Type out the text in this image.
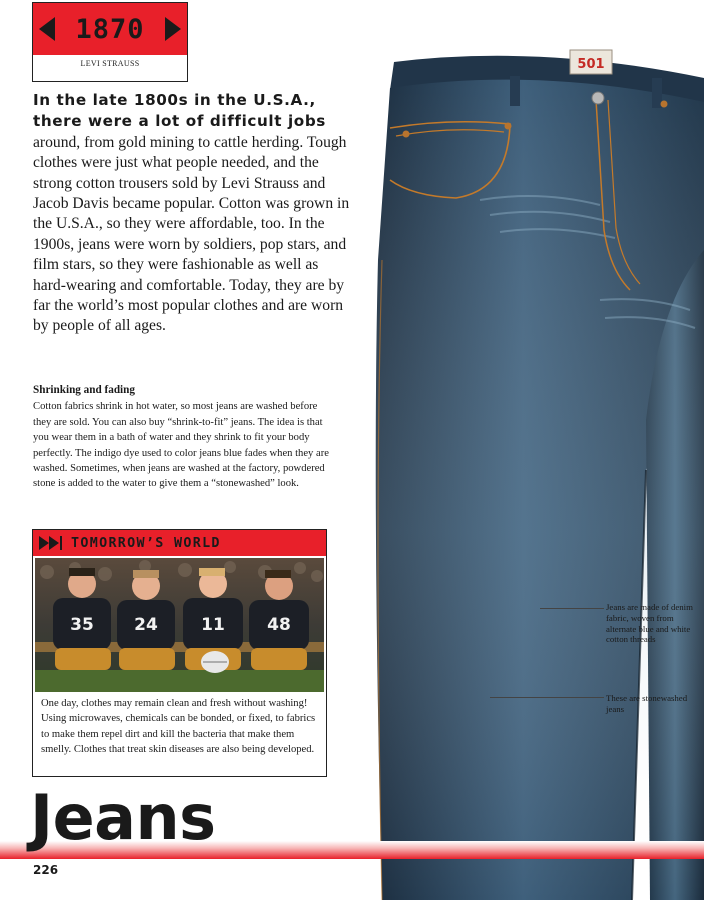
1870
LEVI STRAUSS
In the late 1800s in the U.S.A., there were a lot of difficult jobs around, from gold mining to cattle herding. Tough clothes were just what people needed, and the strong cotton trousers sold by Levi Strauss and Jacob Davis became popular. Cotton was grown in the U.S.A., so they were affordable, too. In the 1900s, jeans were worn by soldiers, pop stars, and film stars, so they were fashionable as well as hard-wearing and comfortable. Today, they are by far the world’s most popular clothes and are worn by people of all ages.
Shrinking and fading
Cotton fabrics shrink in hot water, so most jeans are washed before they are sold. You can also buy “shrink-to-fit” jeans. The idea is that you wear them in a bath of water and they shrink to fit your body perfectly. The indigo dye used to color jeans blue fades when they are washed. Sometimes, when jeans are washed at the factory, powdered stone is added to the water to give them a “stonewashed” look.
TOMORROW’S WORLD
35 24	11 48
One day, clothes may remain clean and fresh without washing! Using microwaves, chemicals can be bonded, or fixed, to fabrics to make them repel dirt and kill the bacteria that make them smelly. Clothes that treat skin diseases are also being developed.
501
Jeans are made of denim fabric, woven from alternate blue and white cotton threads
These are stonewashed jeans
Jeans
226
